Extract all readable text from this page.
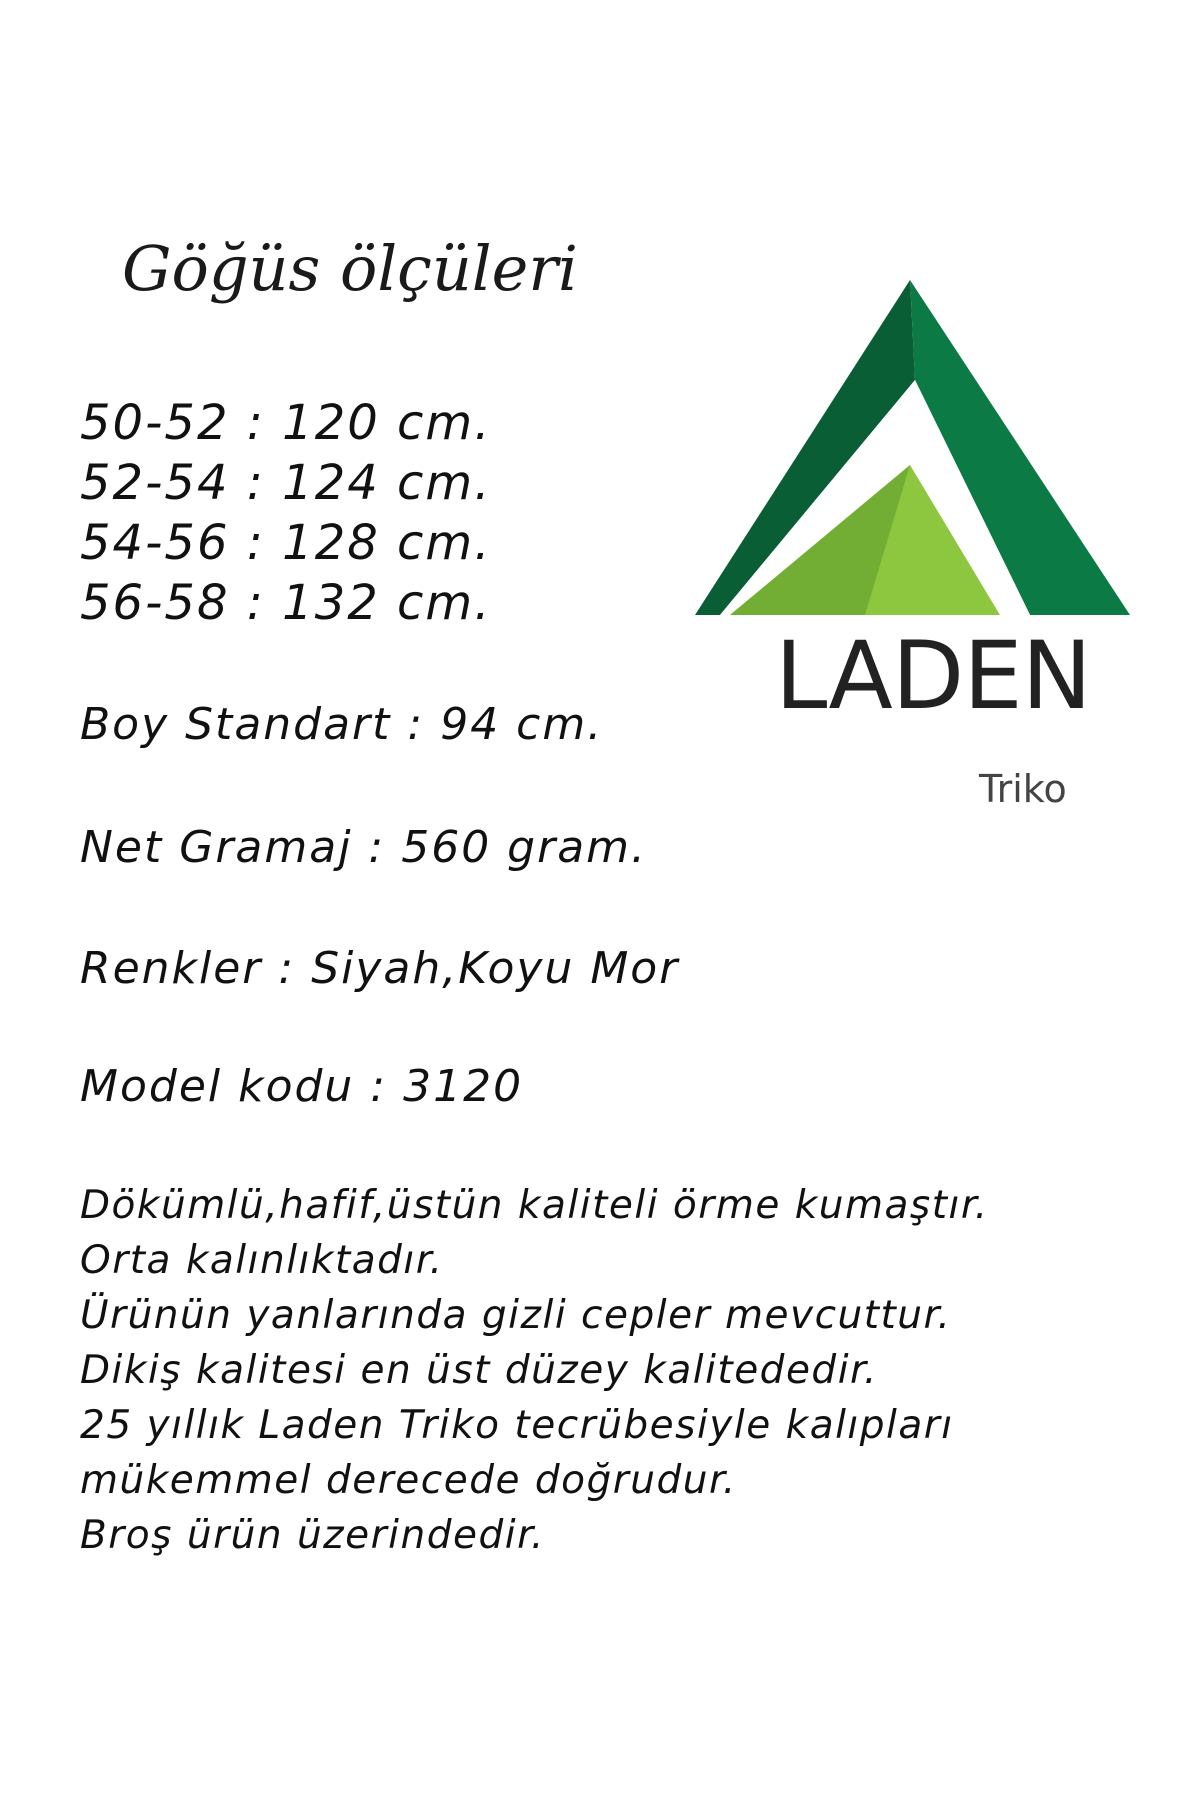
Göğüs ölçüleri
50-52 : 120 cm.
52-54 : 124 cm.
54-56 : 128 cm.
56-58 : 132 cm.
Boy Standart : 94 cm.
Net Gramaj : 560 gram.
Renkler : Siyah,Koyu Mor
Model kodu : 3120
Dökümlü,hafif,üstün kaliteli örme kumaştır.
Orta kalınlıktadır.
Ürünün yanlarında gizli cepler mevcuttur.
Dikiş kalitesi en üst düzey kalitededir.
25 yıllık Laden Triko tecrübesiyle kalıpları
mükemmel derecede doğrudur.
Broş ürün üzerindedir.
LADEN
Triko
